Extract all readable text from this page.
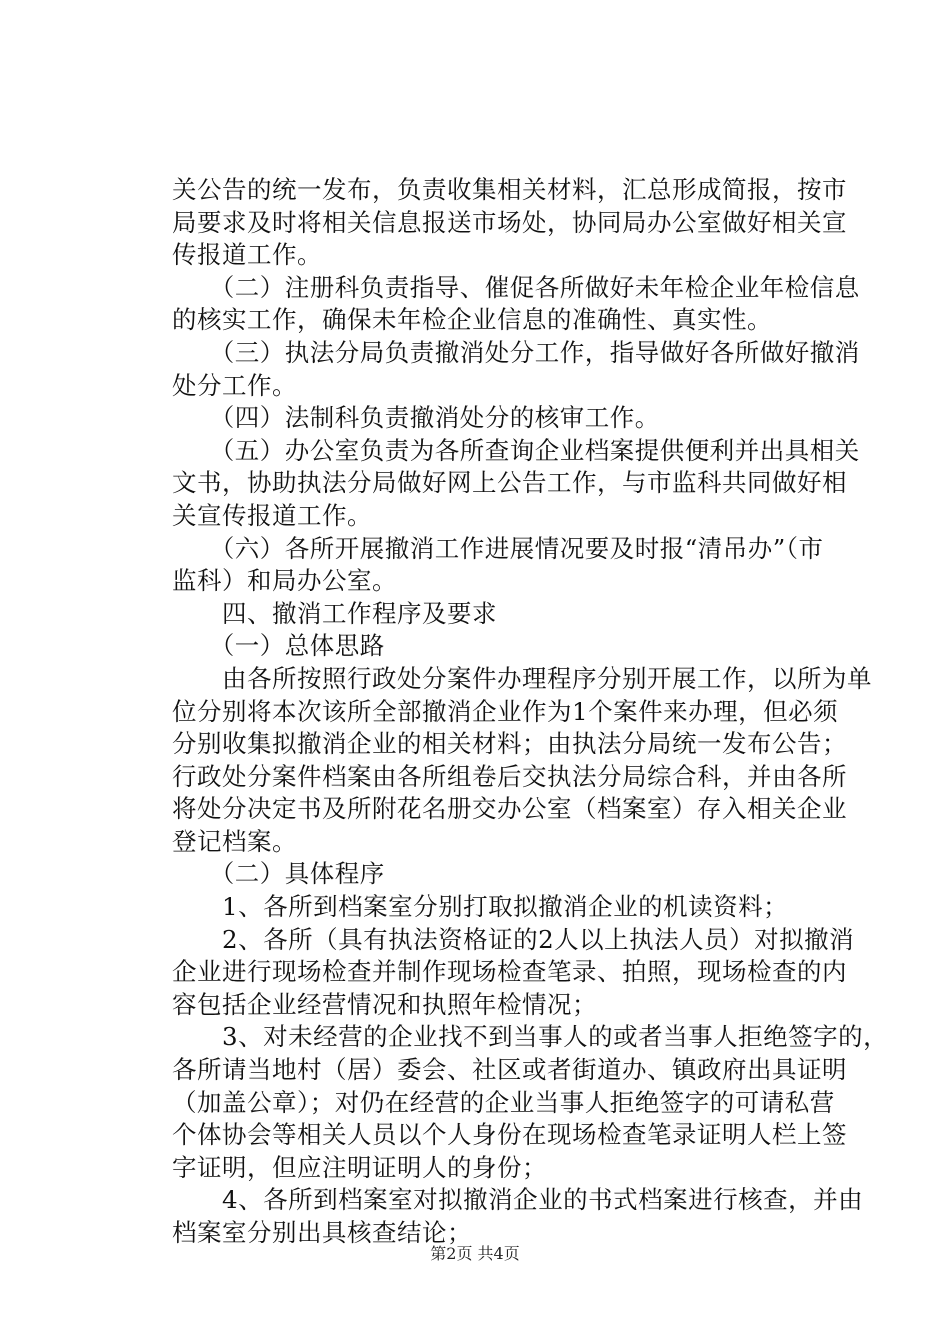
关公告的统一发布，负责收集相关材料，汇总形成简报，按市
局要求及时将相关信息报送市场处，协同局办公室做好相关宣
传报道工作。
　　（二）注册科负责指导、催促各所做好未年检企业年检信息
的核实工作，确保未年检企业信息的准确性、真实性。
　　（三）执法分局负责撤消处分工作，指导做好各所做好撤消
处分工作。
　　（四）法制科负责撤消处分的核审工作。
　　（五）办公室负责为各所查询企业档案提供便利并出具相关
文书，协助执法分局做好网上公告工作，与市监科共同做好相
关宣传报道工作。
　　（六）各所开展撤消工作进展情况要及时报“清吊办”（市
监科）和局办公室。
　　四、撤消工作程序及要求
　　（一）总体思路
　　由各所按照行政处分案件办理程序分别开展工作，以所为单
位分别将本次该所全部撤消企业作为1个案件来办理，但必须
分别收集拟撤消企业的相关材料；由执法分局统一发布公告；
行政处分案件档案由各所组卷后交执法分局综合科，并由各所
将处分决定书及所附花名册交办公室（档案室）存入相关企业
登记档案。
　　（二）具体程序
　　1、各所到档案室分别打取拟撤消企业的机读资料；
　　2、各所（具有执法资格证的2人以上执法人员）对拟撤消
企业进行现场检查并制作现场检查笔录、拍照，现场检查的内
容包括企业经营情况和执照年检情况；
　　3、对未经营的企业找不到当事人的或者当事人拒绝签字的，
各所请当地村（居）委会、社区或者街道办、镇政府出具证明
（加盖公章）；对仍在经营的企业当事人拒绝签字的可请私营
个体协会等相关人员以个人身份在现场检查笔录证明人栏上签
字证明，但应注明证明人的身份；
　　4、各所到档案室对拟撤消企业的书式档案进行核查，并由
档案室分别出具核查结论；
第2页 共4页
